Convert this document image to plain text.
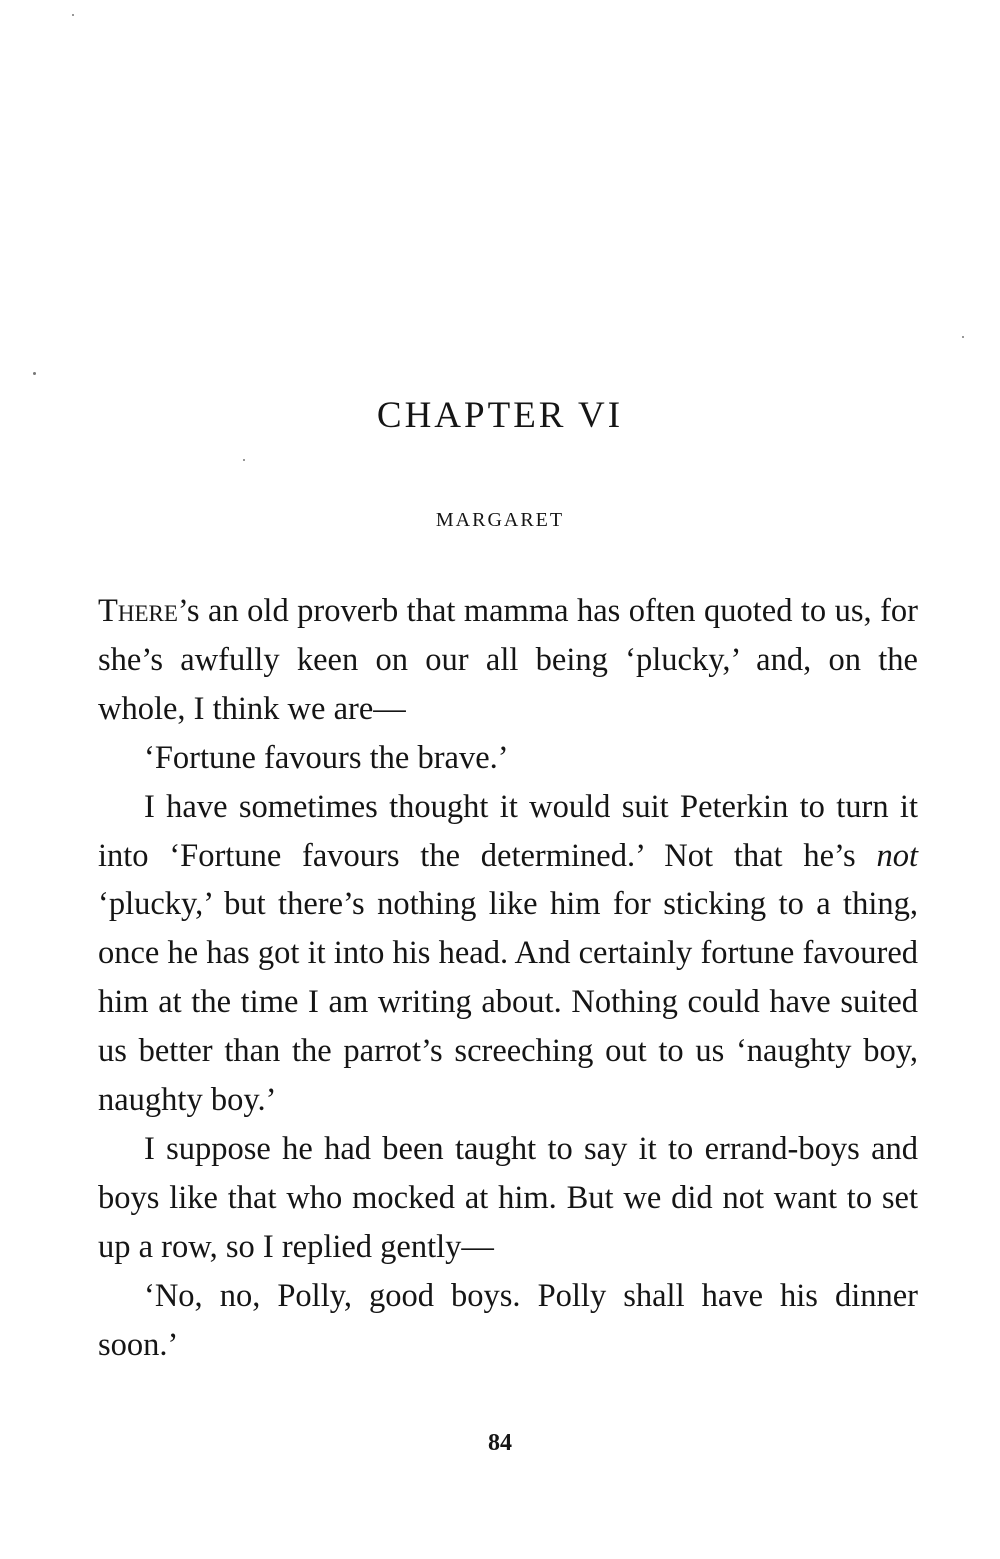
CHAPTER VI
MARGARET

There’s an old proverb that mamma has often quoted to us, for she’s awfully keen on our all being ‘plucky,’ and, on the whole, I think we are—

‘Fortune favours the brave.’

I have sometimes thought it would suit Peterkin to turn it into ‘Fortune favours the determined.’ Not that he’s not ‘plucky,’ but there’s nothing like him for sticking to a thing, once he has got it into his head. And certainly fortune favoured him at the time I am writing about. Nothing could have suited us better than the parrot’s screeching out to us ‘naughty boy, naughty boy.’

I suppose he had been taught to say it to errand-boys and boys like that who mocked at him. But we did not want to set up a row, so I replied gently—

‘No, no, Polly, good boys. Polly shall have his dinner soon.’

84
